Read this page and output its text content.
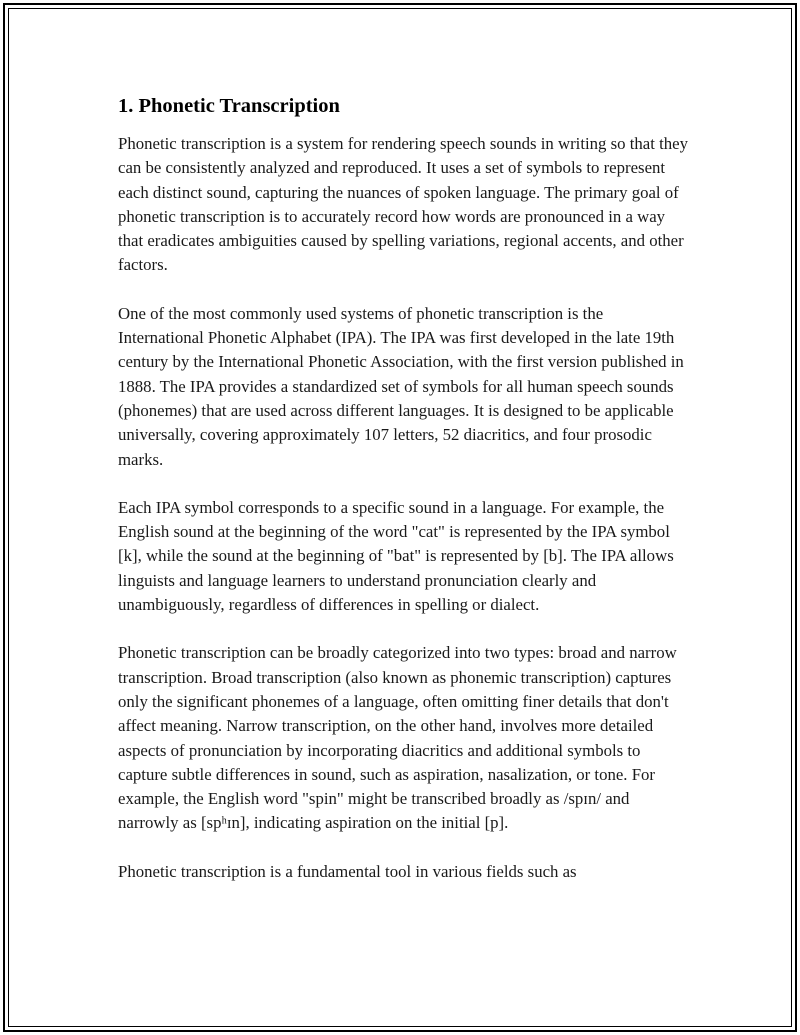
1. Phonetic Transcription

Phonetic transcription is a system for rendering speech sounds in writing so that they can be consistently analyzed and reproduced. It uses a set of symbols to represent each distinct sound, capturing the nuances of spoken language. The primary goal of phonetic transcription is to accurately record how words are pronounced in a way that eradicates ambiguities caused by spelling variations, regional accents, and other factors.

One of the most commonly used systems of phonetic transcription is the International Phonetic Alphabet (IPA). The IPA was first developed in the late 19th century by the International Phonetic Association, with the first version published in 1888. The IPA provides a standardized set of symbols for all human speech sounds (phonemes) that are used across different languages. It is designed to be applicable universally, covering approximately 107 letters, 52 diacritics, and four prosodic marks.

Each IPA symbol corresponds to a specific sound in a language. For example, the English sound at the beginning of the word "cat" is represented by the IPA symbol [k], while the sound at the beginning of "bat" is represented by [b]. The IPA allows linguists and language learners to understand pronunciation clearly and unambiguously, regardless of differences in spelling or dialect.

Phonetic transcription can be broadly categorized into two types: broad and narrow transcription. Broad transcription (also known as phonemic transcription) captures only the significant phonemes of a language, often omitting finer details that don't affect meaning. Narrow transcription, on the other hand, involves more detailed aspects of pronunciation by incorporating diacritics and additional symbols to capture subtle differences in sound, such as aspiration, nasalization, or tone. For example, the English word "spin" might be transcribed broadly as /spɪn/ and narrowly as [spʰɪn], indicating aspiration on the initial [p].

Phonetic transcription is a fundamental tool in various fields such as
